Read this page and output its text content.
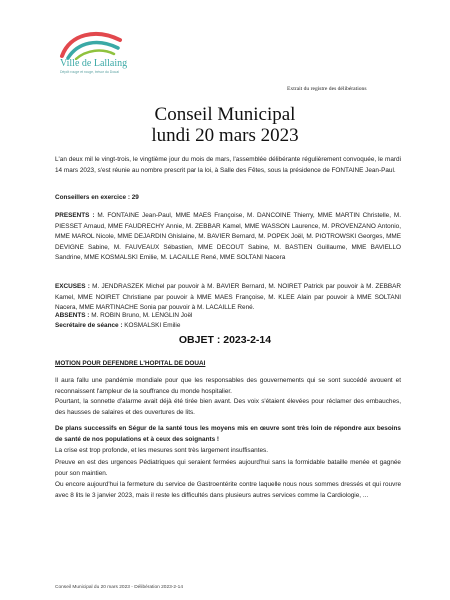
Ville de Lallaing
Dépôt rouge et rouge, trésor du Douai
Extrait du registre des délibérations
Conseil Municipal
lundi 20 mars 2023

L'an deux mil le vingt-trois, le vingtième jour du mois de mars, l'assemblée délibérante régulièrement convoquée, le mardi 14 mars 2023, s'est réunie au nombre prescrit par la loi, à Salle des Fêtes, sous la présidence de FONTAINE Jean-Paul.

Conseillers en exercice : 29

PRESENTS : M. FONTAINE Jean-Paul, MME MAES Françoise, M. DANCOINE Thierry, MME MARTIN Christelle, M. PIESSET Arnaud, MME FAUDRECHY Annie, M. ZEBBAR Kamel, MME WASSON Laurence, M. PROVENZANO Antonio, MME MAROL Nicole, MME DEJARDIN Ghislaine, M. BAVIER Bernard, M. POPEK Joël, M. PIOTROWSKI Georges, MME DEVIGNE Sabine, M. FAUVEAUX Sébastien, MME DECOUT Sabine, M. BASTIEN Guillaume, MME BAVIELLO Sandrine, MME KOSMALSKI Emilie, M. LACAILLE René, MME SOLTANI Nacera

EXCUSES : M. JENDRASZEK Michel par pouvoir à M. BAVIER Bernard, M. NOIRET Patrick par pouvoir à M. ZEBBAR Kamel, MME NOIRET Christiane par pouvoir à MME MAES Françoise, M. KLEE Alain par pouvoir à MME SOLTANI Nacera, MME MARTINACHE Sonia par pouvoir à M. LACAILLE René.

ABSENTS : M. ROBIN Bruno, M. LENGLIN Joël

Secrétaire de séance : KOSMALSKI Emilie

OBJET : 2023-2-14

MOTION POUR DEFENDRE L'HOPITAL DE DOUAI

Il aura fallu une pandémie mondiale pour que les responsables des gouvernements qui se sont succédé avouent et reconnaissent l'ampleur de la souffrance du monde hospitalier.

Pourtant, la sonnette d'alarme avait déjà été tirée bien avant. Des voix s'étaient élevées pour réclamer des embauches, des hausses de salaires et des ouvertures de lits.

De plans successifs en Ségur de la santé tous les moyens mis en œuvre sont très loin de répondre aux besoins de santé de nos populations et à ceux des soignants !

La crise est trop profonde, et les mesures sont très largement insuffisantes.

Preuve en est des urgences Pédiatriques qui seraient fermées aujourd'hui sans la formidable bataille menée et gagnée pour son maintien.

Ou encore aujourd'hui la fermeture du service de Gastroentérite contre laquelle nous nous sommes dressés et qui rouvre avec 8 lits le 3 janvier 2023, mais il reste les difficultés dans plusieurs autres services comme la Cardiologie, ...

Conseil Municipal du 20 mars 2023 - Délibération 2023-2-14
